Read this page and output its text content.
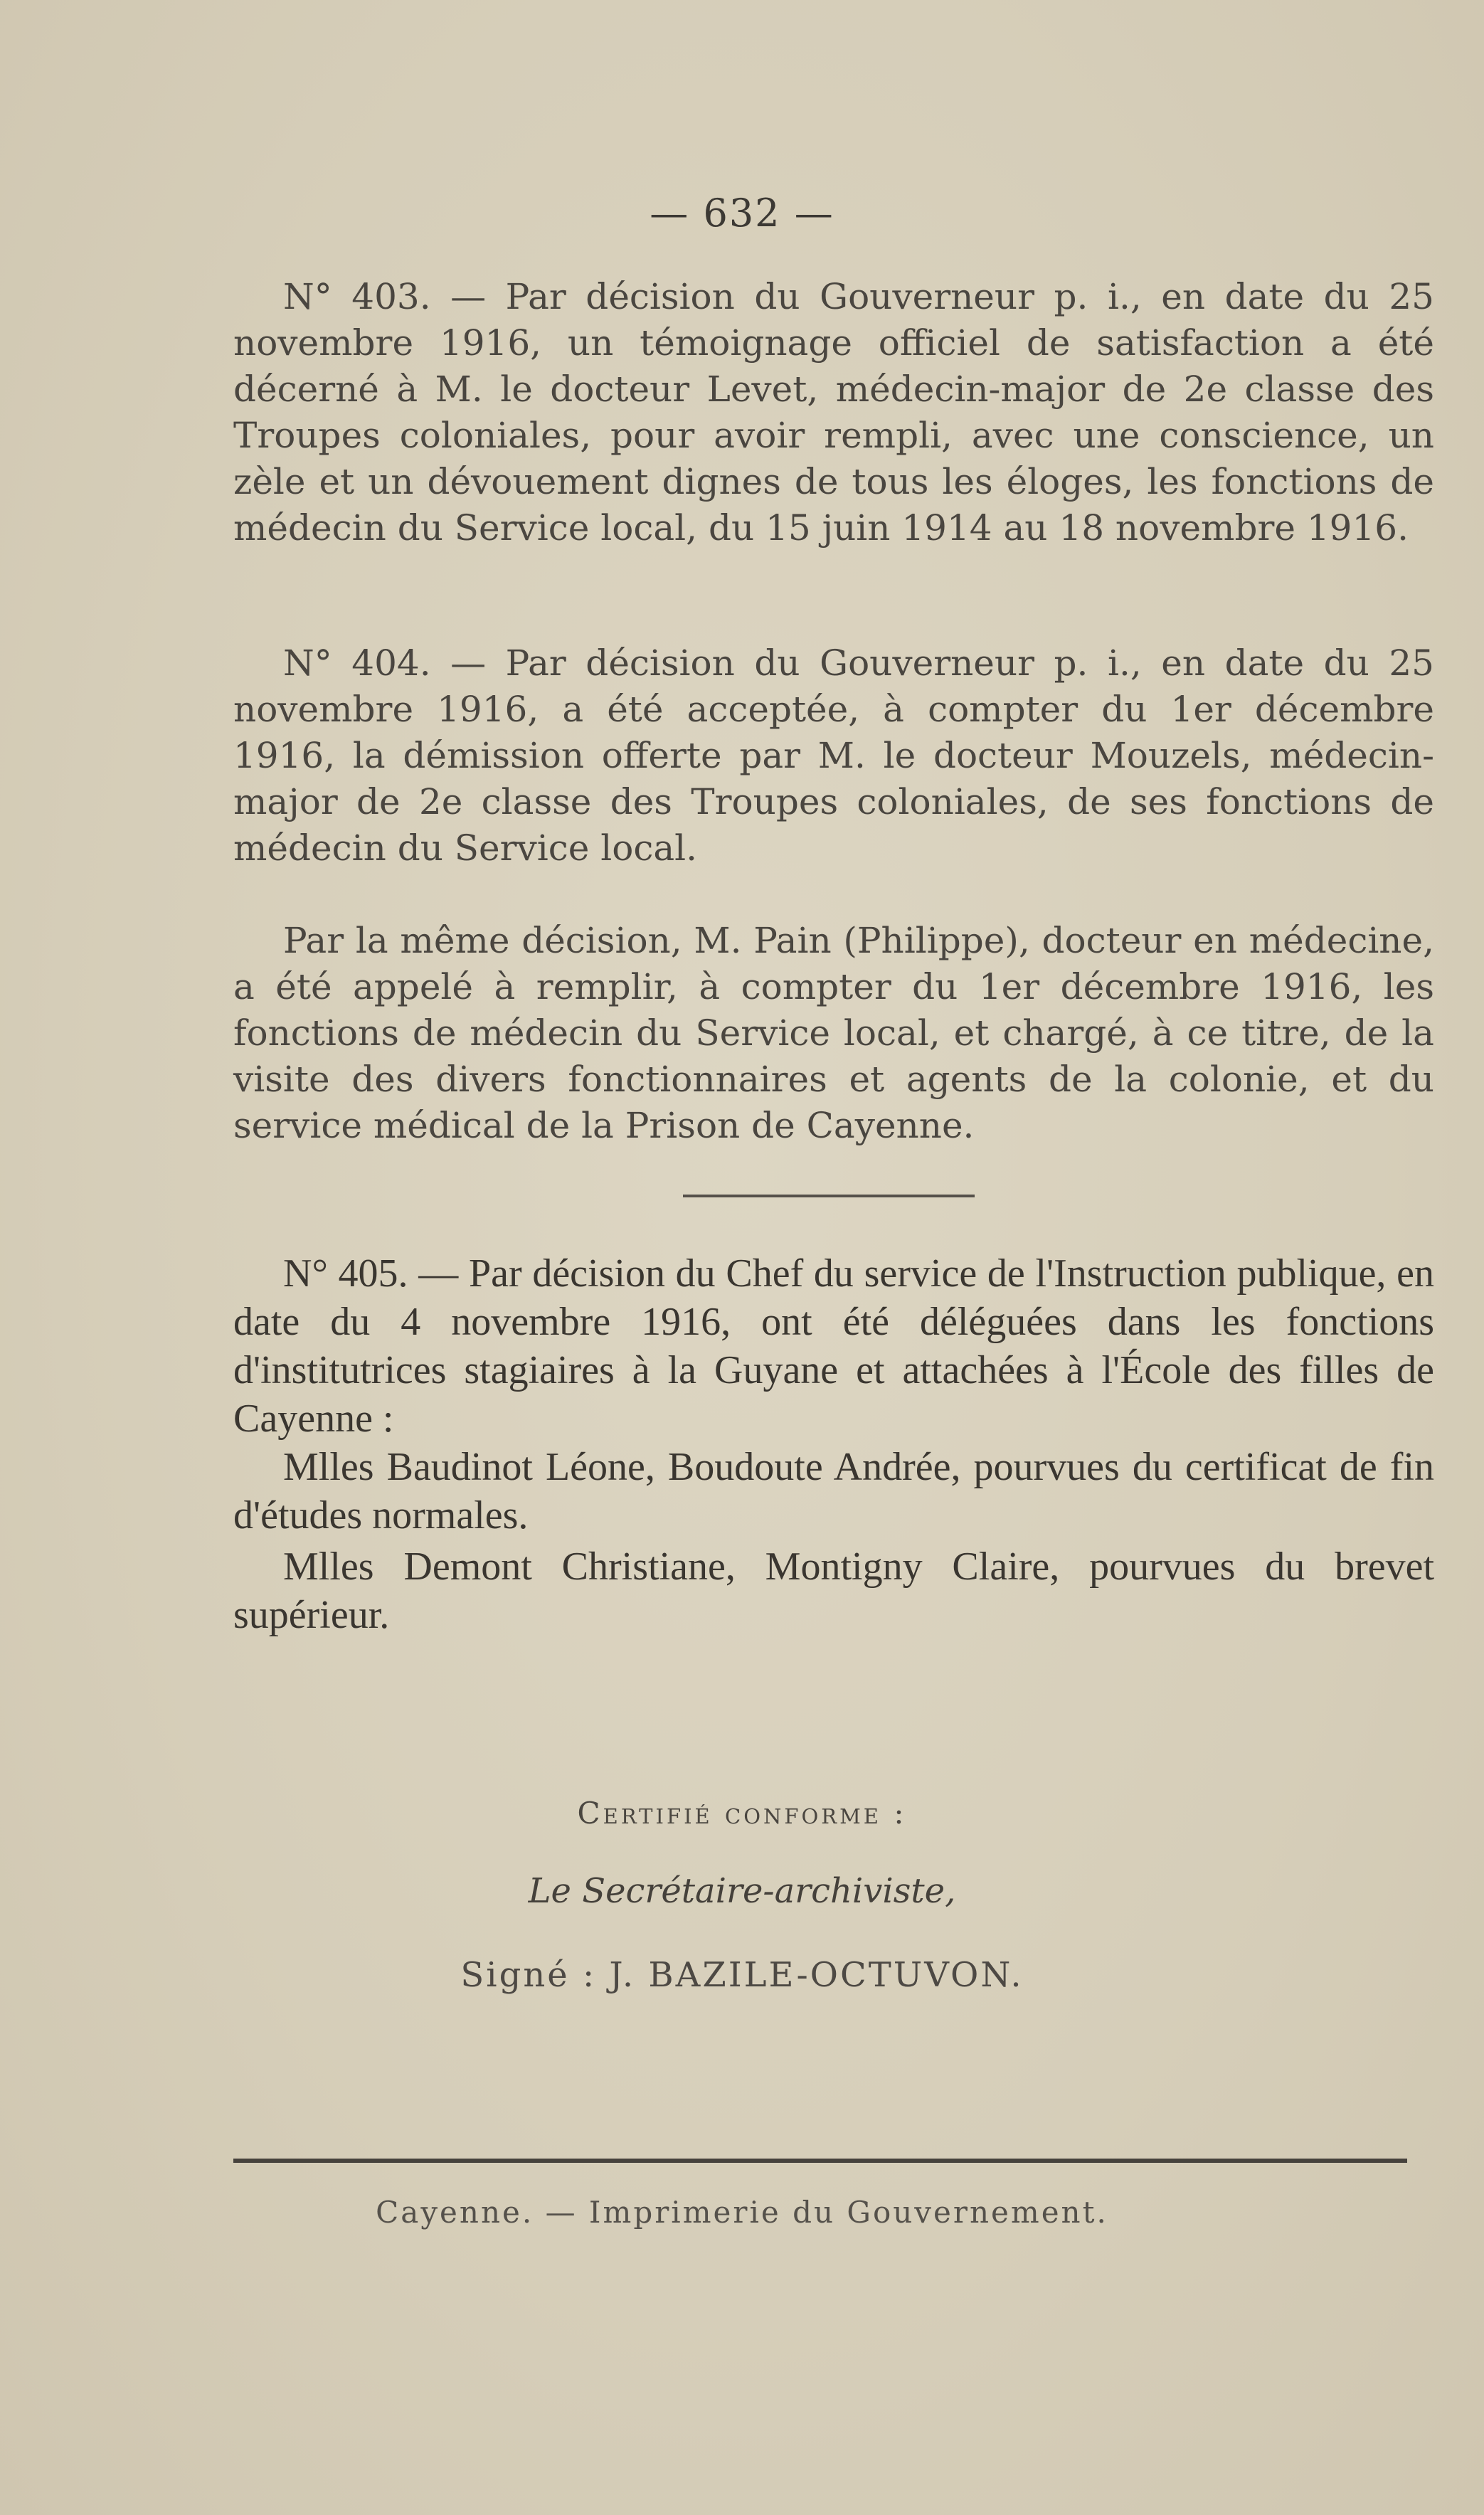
— 632 —

N° 403. — Par décision du Gouverneur p. i., en date du 25 novembre 1916, un témoignage officiel de satisfaction a été décerné à M. le docteur Levet, médecin-major de 2e classe des Troupes coloniales, pour avoir rempli, avec une conscience, un zèle et un dévouement dignes de tous les éloges, les fonctions de médecin du Service local, du 15 juin 1914 au 18 novembre 1916.

N° 404. — Par décision du Gouverneur p. i., en date du 25 novembre 1916, a été acceptée, à compter du 1er décembre 1916, la démission offerte par M. le docteur Mouzels, médecin-major de 2e classe des Troupes coloniales, de ses fonctions de médecin du Service local.

Par la même décision, M. Pain (Philippe), docteur en médecine, a été appelé à remplir, à compter du 1er décembre 1916, les fonctions de médecin du Service local, et chargé, à ce titre, de la visite des divers fonctionnaires et agents de la colonie, et du service médical de la Prison de Cayenne.

N° 405. — Par décision du Chef du service de l'Instruction publique, en date du 4 novembre 1916, ont été déléguées dans les fonctions d'institutrices stagiaires à la Guyane et attachées à l'École des filles de Cayenne :

Mlles Baudinot Léone, Boudoute Andrée, pourvues du certificat de fin d'études normales.

Mlles Demont Christiane, Montigny Claire, pourvues du brevet supérieur.

Certifié conforme :
Le Secrétaire-archiviste,
Signé : J. BAZILE-OCTUVON.
Cayenne. — Imprimerie du Gouvernement.
